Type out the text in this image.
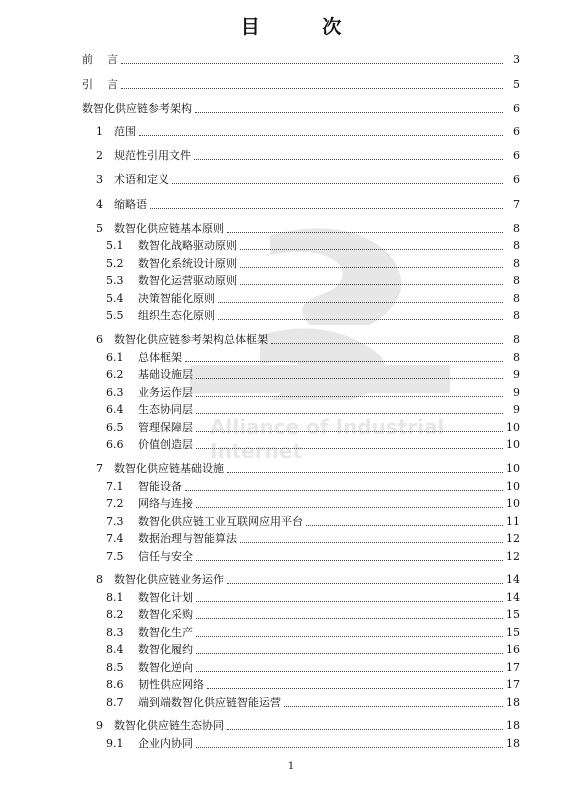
Alliance of Industrial Internet
目 次
前    言	3
引    言	5
数智化供应链参考架构	6
1	范围	6
2	规范性引用文件	6
3	术语和定义	6
4	缩略语	7
5	数智化供应链基本原则	8
5.1	数智化战略驱动原则	8
5.2	数智化系统设计原则	8
5.3	数智化运营驱动原则	8
5.4	决策智能化原则	8
5.5	组织生态化原则	8
6	数智化供应链参考架构总体框架	8
6.1	总体框架	8
6.2	基础设施层	9
6.3	业务运作层	9
6.4	生态协同层	9
6.5	管理保障层	10
6.6	价值创造层	10
7	数智化供应链基础设施	10
7.1	智能设备	10
7.2	网络与连接	10
7.3	数智化供应链工业互联网应用平台	11
7.4	数据治理与智能算法	12
7.5	信任与安全	12
8	数智化供应链业务运作	14
8.1	数智化计划	14
8.2	数智化采购	15
8.3	数智化生产	15
8.4	数智化履约	16
8.5	数智化逆向	17
8.6	韧性供应网络	17
8.7	端到端数智化供应链智能运营	18
9	数智化供应链生态协同	18
9.1	企业内协同	18
1
